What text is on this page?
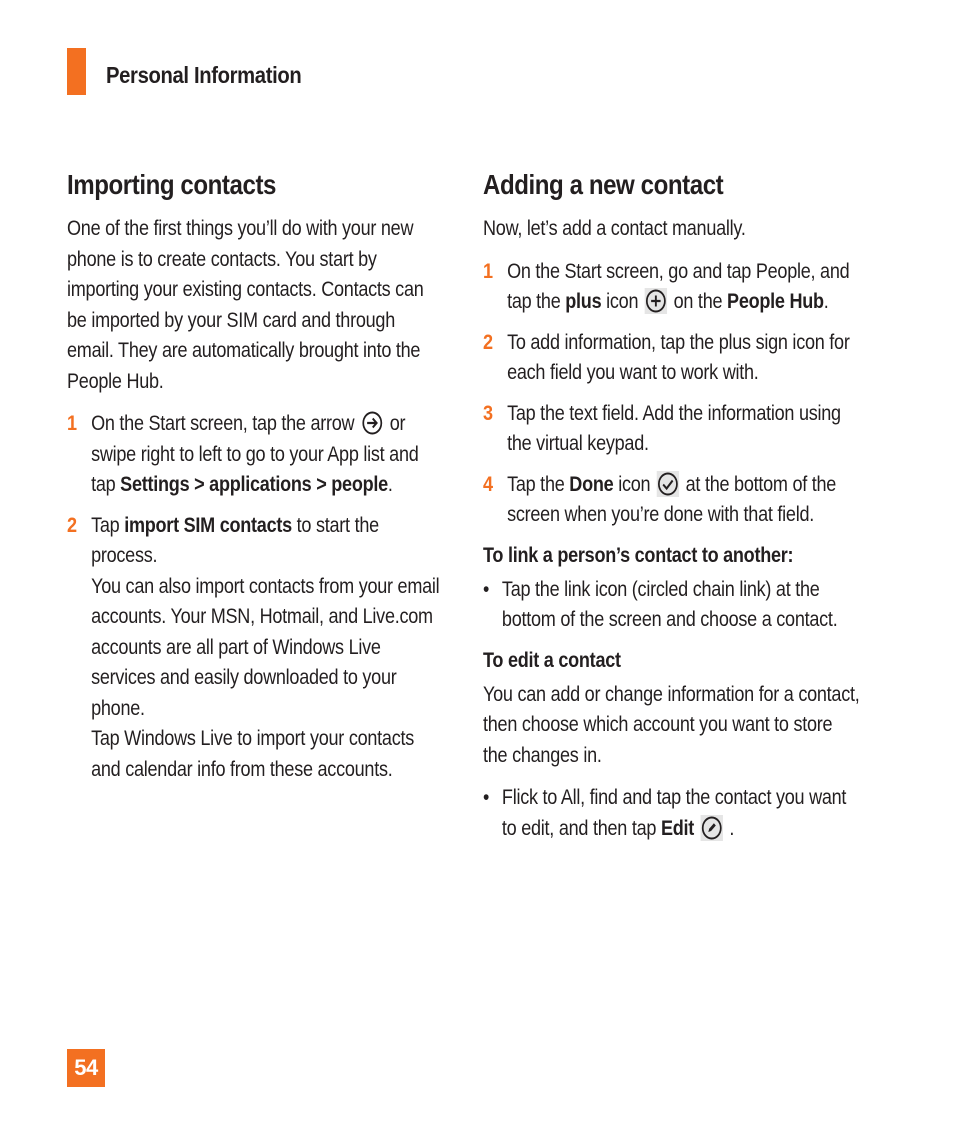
Personal Information
Importing contacts

One of the first things you’ll do with your new phone is to create contacts. You start by importing your existing contacts. Contacts can be imported by your SIM card and through email. They are automatically brought into the People Hub.

1 On the Start screen, tap the arrow or swipe right to left to go to your App list and tap Settings > applications > people.

2 Tap import SIM contacts to start the process.

You can also import contacts from your email accounts. Your MSN, Hotmail, and Live.com accounts are all part of Windows Live services and easily downloaded to your phone.

Tap Windows Live to import your contacts and calendar info from these accounts.

Adding a new contact

Now, let’s add a contact manually.

1 On the Start screen, go and tap People, and tap the plus icon on the People Hub.

2 To add information, tap the plus sign icon for each field you want to work with.

3 Tap the text field. Add the information using the virtual keypad.

4 Tap the Done icon at the bottom of the screen when you’re done with that field.

To link a person’s contact to another:

• Tap the link icon (circled chain link) at the bottom of the screen and choose a contact.

To edit a contact

You can add or change information for a contact, then choose which account you want to store the changes in.

• Flick to All, find and tap the contact you want to edit, and then tap Edit .

54
